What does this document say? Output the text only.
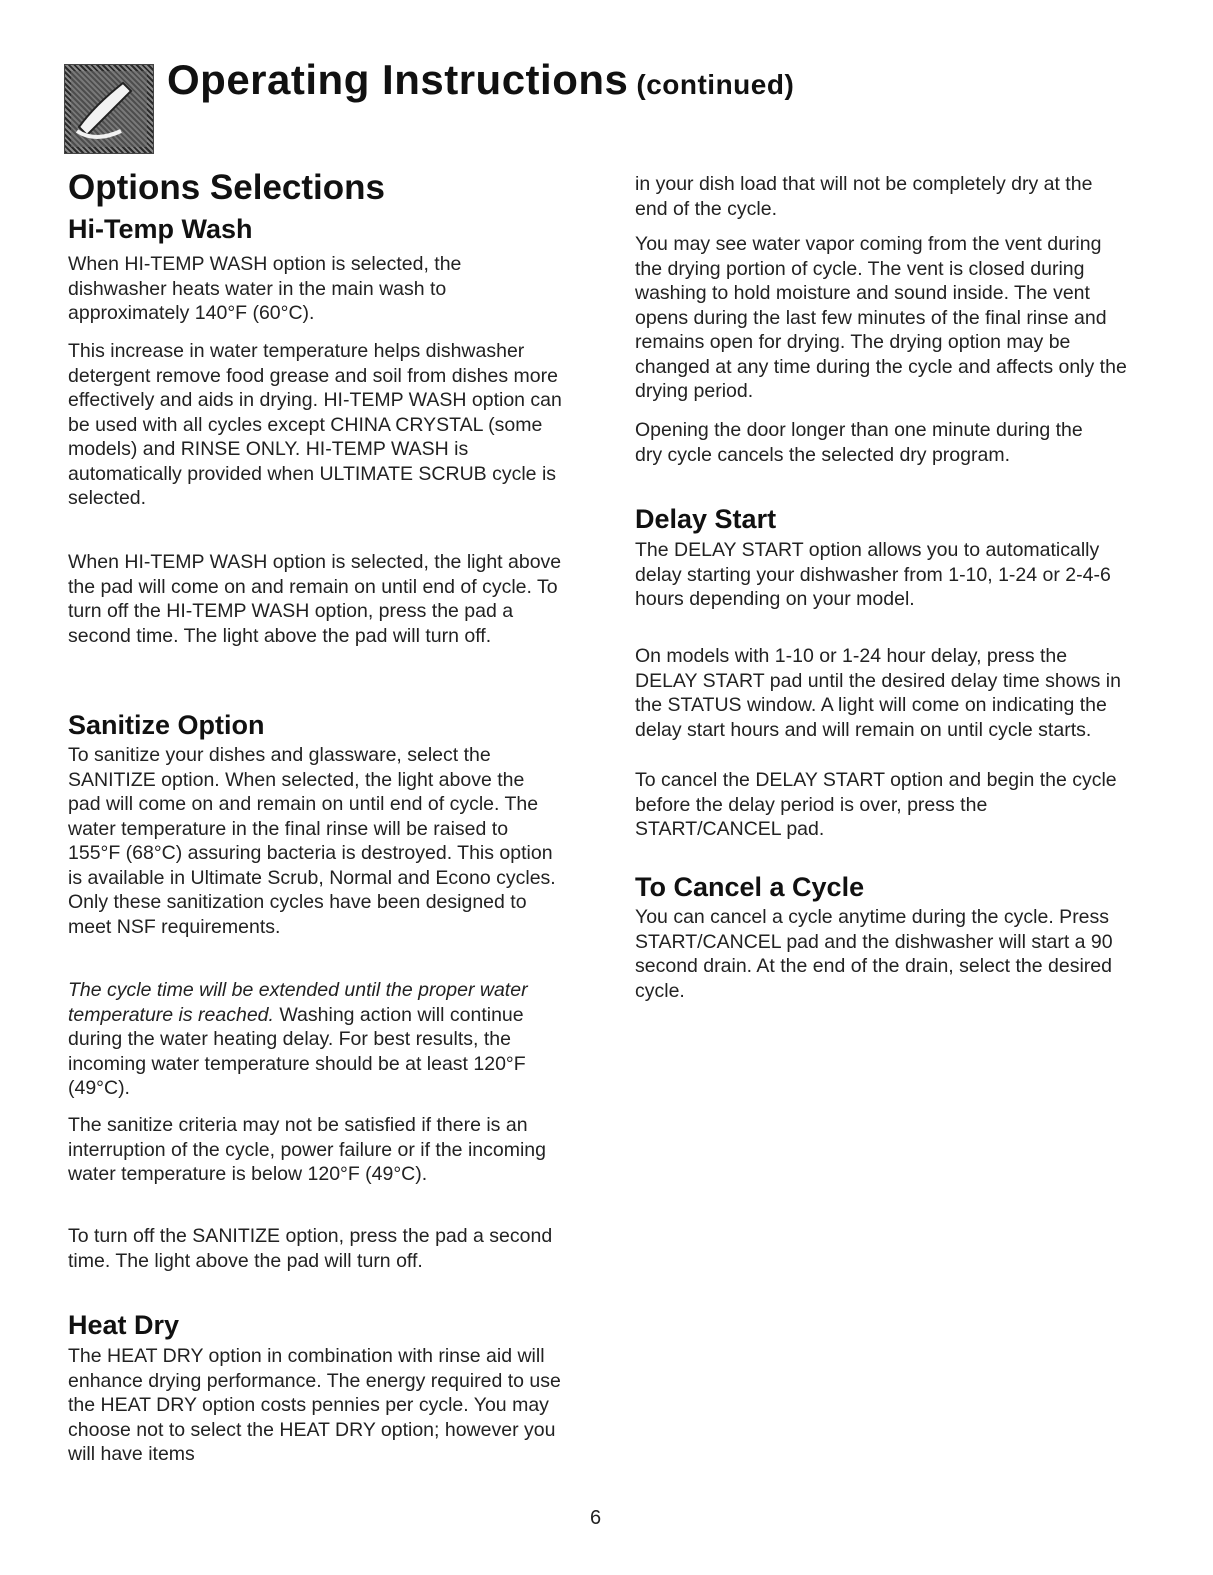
Operating Instructions (continued)
Options Selections
Hi-Temp Wash

When HI-TEMP WASH option is selected, the dishwasher heats water in the main wash to approximately 140°F (60°C).

This increase in water temperature helps dishwasher detergent remove food grease and soil from dishes more effectively and aids in drying. HI-TEMP WASH option can be used with all cycles except CHINA CRYSTAL (some models) and RINSE ONLY. HI-TEMP WASH is automatically provided when ULTIMATE SCRUB cycle is selected.

When HI-TEMP WASH option is selected, the light above the pad will come on and remain on until end of cycle. To turn off the HI-TEMP WASH option, press the pad a second time. The light above the pad will turn off.

Sanitize Option

To sanitize your dishes and glassware, select the SANITIZE option. When selected, the light above the pad will come on and remain on until end of cycle. The water temperature in the final rinse will be raised to 155°F (68°C) assuring bacteria is destroyed. This option is available in Ultimate Scrub, Normal and Econo cycles. Only these sanitization cycles have been designed to meet NSF requirements.

The cycle time will be extended until the proper water temperature is reached. Washing action will continue during the water heating delay. For best results, the incoming water temperature should be at least 120°F (49°C).

The sanitize criteria may not be satisfied if there is an interruption of the cycle, power failure or if the incoming water temperature is below 120°F (49°C).

To turn off the SANITIZE option, press the pad a second time. The light above the pad will turn off.

Heat Dry

The HEAT DRY option in combination with rinse aid will enhance drying performance. The energy required to use the HEAT DRY option costs pennies per cycle. You may choose not to select the HEAT DRY option; however you will have items

in your dish load that will not be completely dry at the end of the cycle.

You may see water vapor coming from the vent during the drying portion of cycle. The vent is closed during washing to hold moisture and sound inside. The vent opens during the last few minutes of the final rinse and remains open for drying. The drying option may be changed at any time during the cycle and affects only the drying period.

Opening the door longer than one minute during the dry cycle cancels the selected dry program.

Delay Start

The DELAY START option allows you to automatically delay starting your dishwasher from 1-10, 1-24 or 2-4-6 hours depending on your model.

On models with 1-10 or 1-24 hour delay, press the DELAY START pad until the desired delay time shows in the STATUS window. A light will come on indicating the delay start hours and will remain on until cycle starts.

To cancel the DELAY START option and begin the cycle before the delay period is over, press the START/CANCEL pad.

To Cancel a Cycle

You can cancel a cycle anytime during the cycle. Press START/CANCEL pad and the dishwasher will start a 90 second drain. At the end of the drain, select the desired cycle.

6
